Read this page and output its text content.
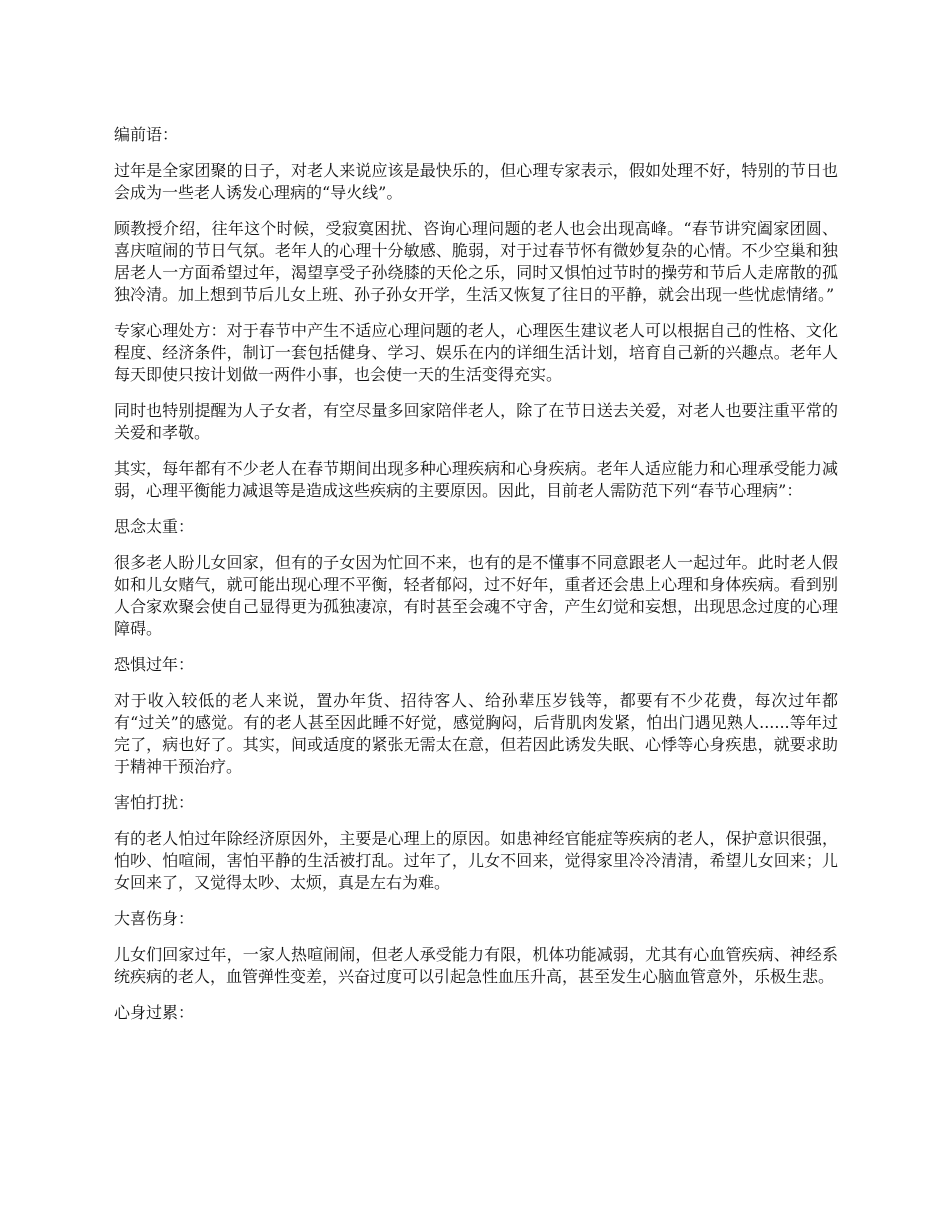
编前语：

过年是全家团聚的日子，对老人来说应该是最快乐的，但心理专家表示，假如处理不好，特别的节日也会成为一些老人诱发心理病的“导火线”。

顾教授介绍，往年这个时候，受寂寞困扰、咨询心理问题的老人也会出现高峰。“春节讲究阖家团圆、喜庆喧闹的节日气氛。老年人的心理十分敏感、脆弱，对于过春节怀有微妙复杂的心情。不少空巢和独居老人一方面希望过年，渴望享受子孙绕膝的天伦之乐，同时又惧怕过节时的操劳和节后人走席散的孤独冷清。加上想到节后儿女上班、孙子孙女开学，生活又恢复了往日的平静，就会出现一些忧虑情绪。”

专家心理处方：对于春节中产生不适应心理问题的老人，心理医生建议老人可以根据自己的性格、文化程度、经济条件，制订一套包括健身、学习、娱乐在内的详细生活计划，培育自己新的兴趣点。老年人每天即使只按计划做一两件小事，也会使一天的生活变得充实。

同时也特别提醒为人子女者，有空尽量多回家陪伴老人，除了在节日送去关爱，对老人也要注重平常的关爱和孝敬。

其实，每年都有不少老人在春节期间出现多种心理疾病和心身疾病。老年人适应能力和心理承受能力减弱，心理平衡能力减退等是造成这些疾病的主要原因。因此，目前老人需防范下列“春节心理病”：

思念太重：

很多老人盼儿女回家，但有的子女因为忙回不来，也有的是不懂事不同意跟老人一起过年。此时老人假如和儿女赌气，就可能出现心理不平衡，轻者郁闷，过不好年，重者还会患上心理和身体疾病。看到别人合家欢聚会使自己显得更为孤独凄凉，有时甚至会魂不守舍，产生幻觉和妄想，出现思念过度的心理障碍。

恐惧过年：

对于收入较低的老人来说，置办年货、招待客人、给孙辈压岁钱等，都要有不少花费，每次过年都有“过关”的感觉。有的老人甚至因此睡不好觉，感觉胸闷，后背肌肉发紧，怕出门遇见熟人......等年过完了，病也好了。其实，间或适度的紧张无需太在意，但若因此诱发失眠、心悸等心身疾患，就要求助于精神干预治疗。

害怕打扰：

有的老人怕过年除经济原因外，主要是心理上的原因。如患神经官能症等疾病的老人，保护意识很强，怕吵、怕喧闹，害怕平静的生活被打乱。过年了，儿女不回来，觉得家里冷冷清清，希望儿女回来；儿女回来了，又觉得太吵、太烦，真是左右为难。

大喜伤身：

儿女们回家过年，一家人热喧闹闹，但老人承受能力有限，机体功能减弱，尤其有心血管疾病、神经系统疾病的老人，血管弹性变差，兴奋过度可以引起急性血压升高，甚至发生心脑血管意外，乐极生悲。

心身过累：
